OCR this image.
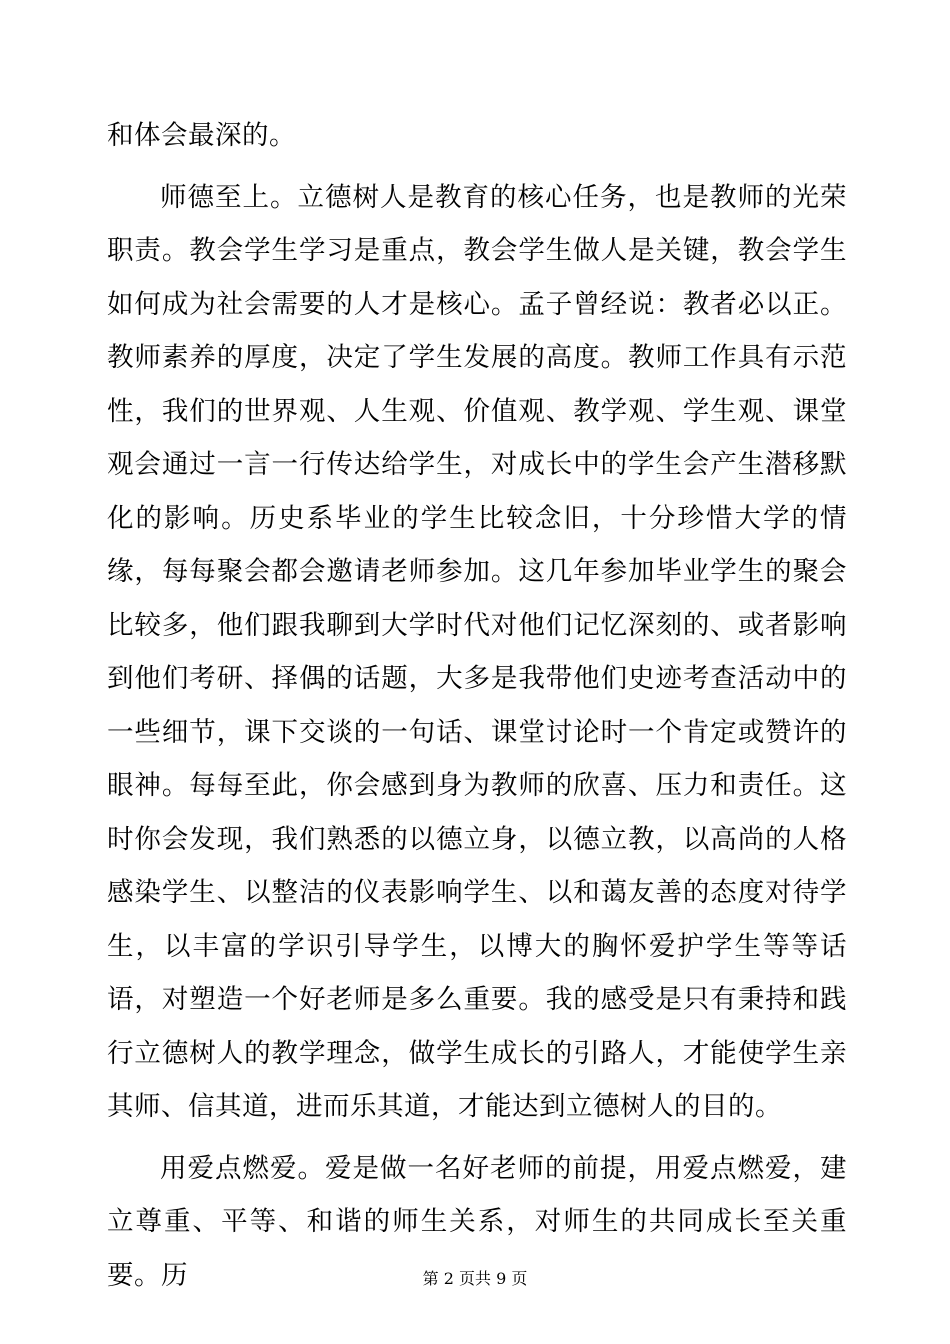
和体会最深的。

师德至上。立德树人是教育的核心任务，也是教师的光荣职责。教会学生学习是重点，教会学生做人是关键，教会学生如何成为社会需要的人才是核心。孟子曾经说：教者必以正。教师素养的厚度，决定了学生发展的高度。教师工作具有示范性，我们的世界观、人生观、价值观、教学观、学生观、课堂观会通过一言一行传达给学生，对成长中的学生会产生潜移默化的影响。历史系毕业的学生比较念旧，十分珍惜大学的情缘，每每聚会都会邀请老师参加。这几年参加毕业学生的聚会比较多，他们跟我聊到大学时代对他们记忆深刻的、或者影响到他们考研、择偶的话题，大多是我带他们史迹考查活动中的一些细节，课下交谈的一句话、课堂讨论时一个肯定或赞许的眼神。每每至此，你会感到身为教师的欣喜、压力和责任。这时你会发现，我们熟悉的以德立身，以德立教，以高尚的人格感染学生、以整洁的仪表影响学生、以和蔼友善的态度对待学生，以丰富的学识引导学生，以博大的胸怀爱护学生等等话语，对塑造一个好老师是多么重要。我的感受是只有秉持和践行立德树人的教学理念，做学生成长的引路人，才能使学生亲其师、信其道，进而乐其道，才能达到立德树人的目的。

用爱点燃爱。爱是做一名好老师的前提，用爱点燃爱，建立尊重、平等、和谐的师生关系，对师生的共同成长至关重要。历	第 2 页共 9 页
